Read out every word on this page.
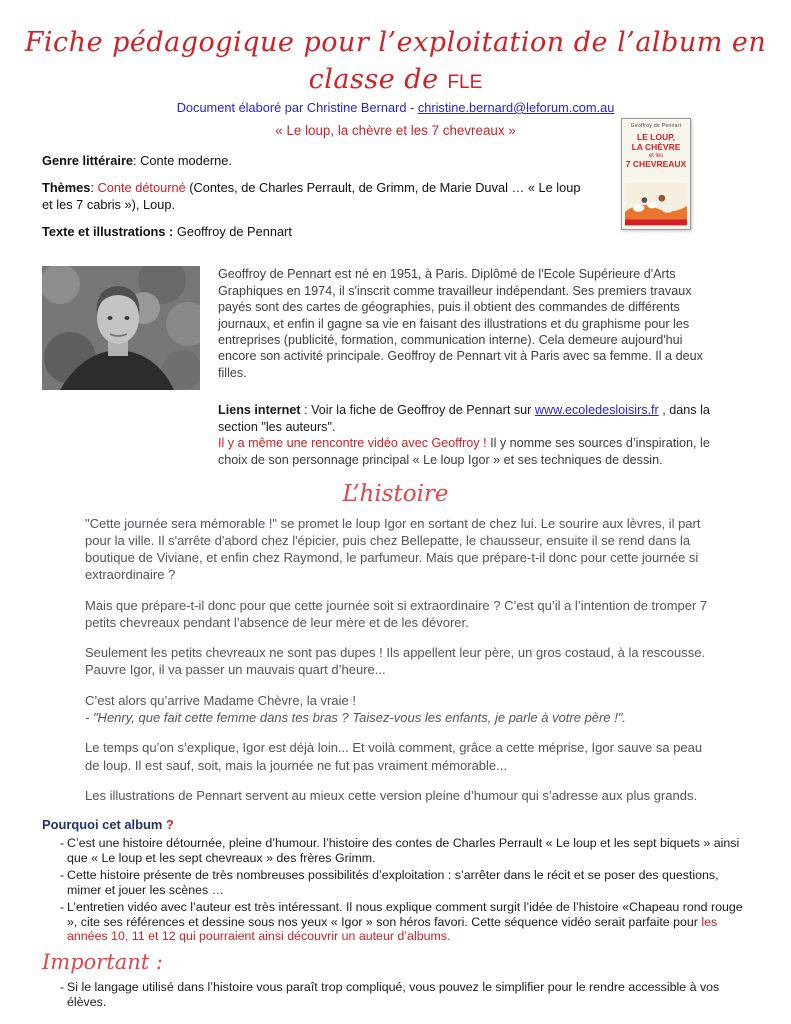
Fiche pédagogique pour l’exploitation de l’album en classe de FLE
Document élaboré par Christine Bernard - christine.bernard@leforum.com.au
« Le loup, la chèvre et les 7 chevreaux »

Genre littéraire: Conte moderne.

Thèmes: Conte détourné (Contes, de Charles Perrault, de Grimm, de Marie Duval … « Le loup et les 7 cabris »), Loup.

Texte et illustrations : Geoffroy de Pennart

Geoffroy de Pennart est né en 1951, à Paris. Diplômé de l'Ecole Supérieure d'Arts Graphiques en 1974, il s'inscrit comme travailleur indépendant. Ses premiers travaux payés sont des cartes de géographies, puis il obtient des commandes de différents journaux, et enfin il gagne sa vie en faisant des illustrations et du graphisme pour les entreprises (publicité, formation, communication interne). Cela demeure aujourd'hui encore son activité principale. Geoffroy de Pennart vit à Paris avec sa femme. Il a deux filles.

Liens internet : Voir la fiche de Geoffroy de Pennart sur www.ecoledesloisirs.fr , dans la section "les auteurs".

Il y a même une rencontre vidéo avec Geoffroy ! Il y nomme ses sources d’inspiration, le choix de son personnage principal « Le loup Igor » et ses techniques de dessin.

L’histoire

"Cette journée sera mémorable !" se promet le loup Igor en sortant de chez lui. Le sourire aux lèvres, il part pour la ville. Il s'arrête d'abord chez l'épicier, puis chez Bellepatte, le chausseur, ensuite il se rend dans la boutique de Viviane, et enfin chez Raymond, le parfumeur. Mais que prépare-t-il donc pour cette journée si extraordinaire ?

Mais que prépare-t-il donc pour que cette journée soit si extraordinaire ? C’est qu’il a l’intention de tromper 7 petits chevreaux pendant l’absence de leur mère et de les dévorer.

Seulement les petits chevreaux ne sont pas dupes ! Ils appellent leur père, un gros costaud, à la rescousse. Pauvre Igor, il va passer un mauvais quart d’heure...

C’est alors qu’arrive Madame Chèvre, la vraie !
- "Henry, que fait cette femme dans tes bras ? Taisez-vous les enfants, je parle à votre père !".

Le temps qu’on s’explique, Igor est déjà loin... Et voilà comment, grâce a cette méprise, Igor sauve sa peau de loup. Il est sauf, soit, mais la journée ne fut pas vraiment mémorable...

Les illustrations de Pennart servent au mieux cette version pleine d’humour qui s’adresse aux plus grands.

Pourquoi cet album ?

- C’est une histoire détournée, pleine d’humour. l’histoire des contes de Charles Perrault « Le loup et les sept biquets » ainsi que « Le loup et les sept chevreaux » des frères Grimm.
- Cette histoire présente de très nombreuses possibilités d’exploitation : s’arrêter dans le récit et se poser des questions, mimer et jouer les scènes …
- L’entretien vidéo avec l’auteur est très intéressant. Il nous explique comment surgit l’idée de l’histoire «Chapeau rond rouge », cite ses références et dessine sous nos yeux « Igor » son héros favori. Cette séquence vidéo serait parfaite pour les années 10, 11 et 12 qui pourraient ainsi découvrir un auteur d’albums.
Important :
- Si le langage utilisé dans l’histoire vous paraît trop compliqué, vous pouvez le simplifier pour le rendre accessible à vos élèves.
Geoffroy de Pennart
LE LOUP,
LA CHÈVRE
et les
7 CHEVREAUX
